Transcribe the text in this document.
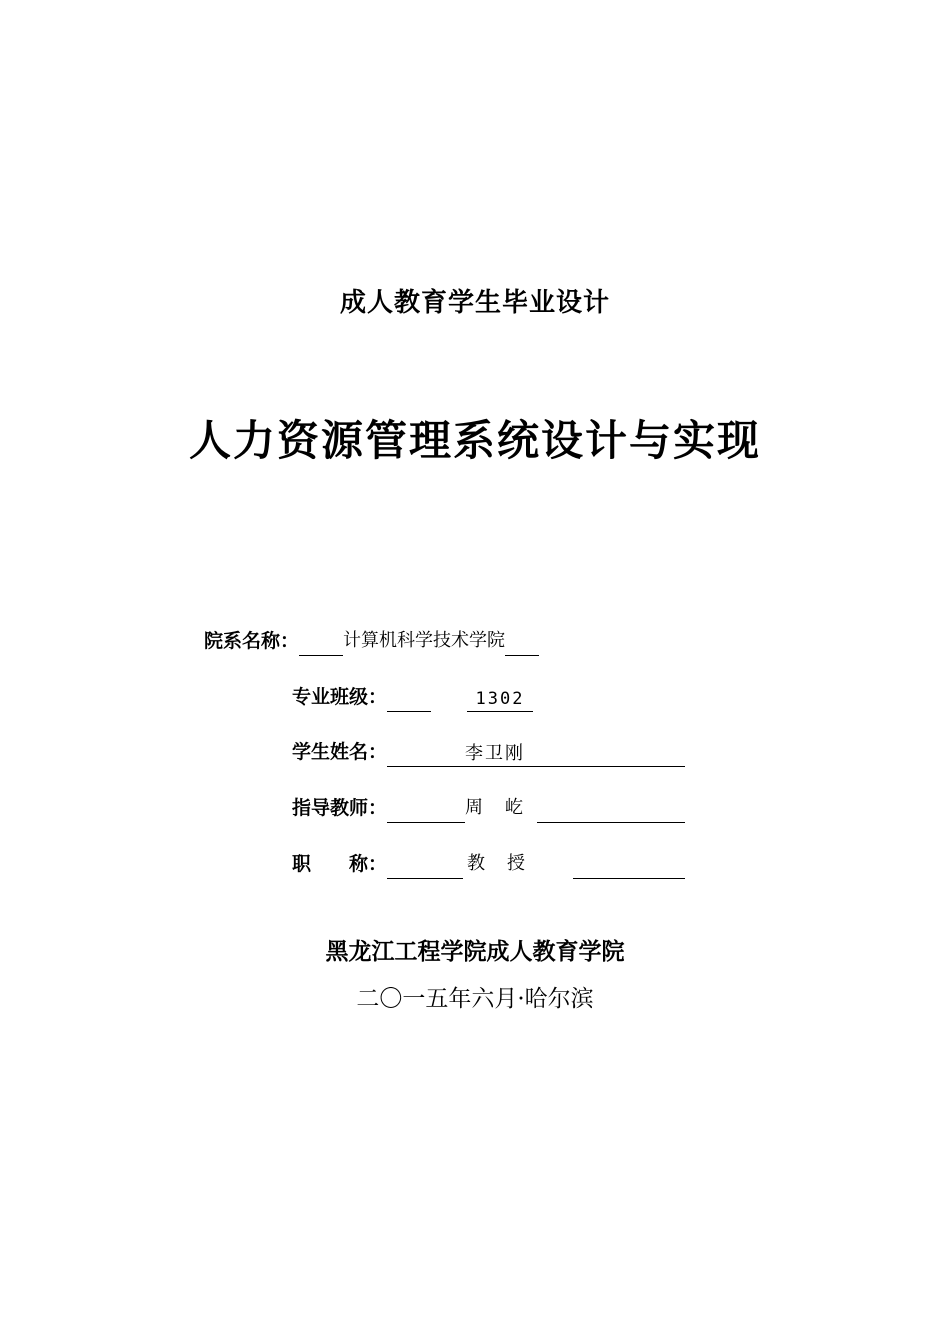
成人教育学生毕业设计
人力资源管理系统设计与实现
院系名称： 计算机科学技术学院
专业班级：	1302
学生姓名：	李卫刚
指导教师：	周　屹
职　　称：	教　授
黑龙江工程学院成人教育学院
二〇一五年六月·哈尔滨
